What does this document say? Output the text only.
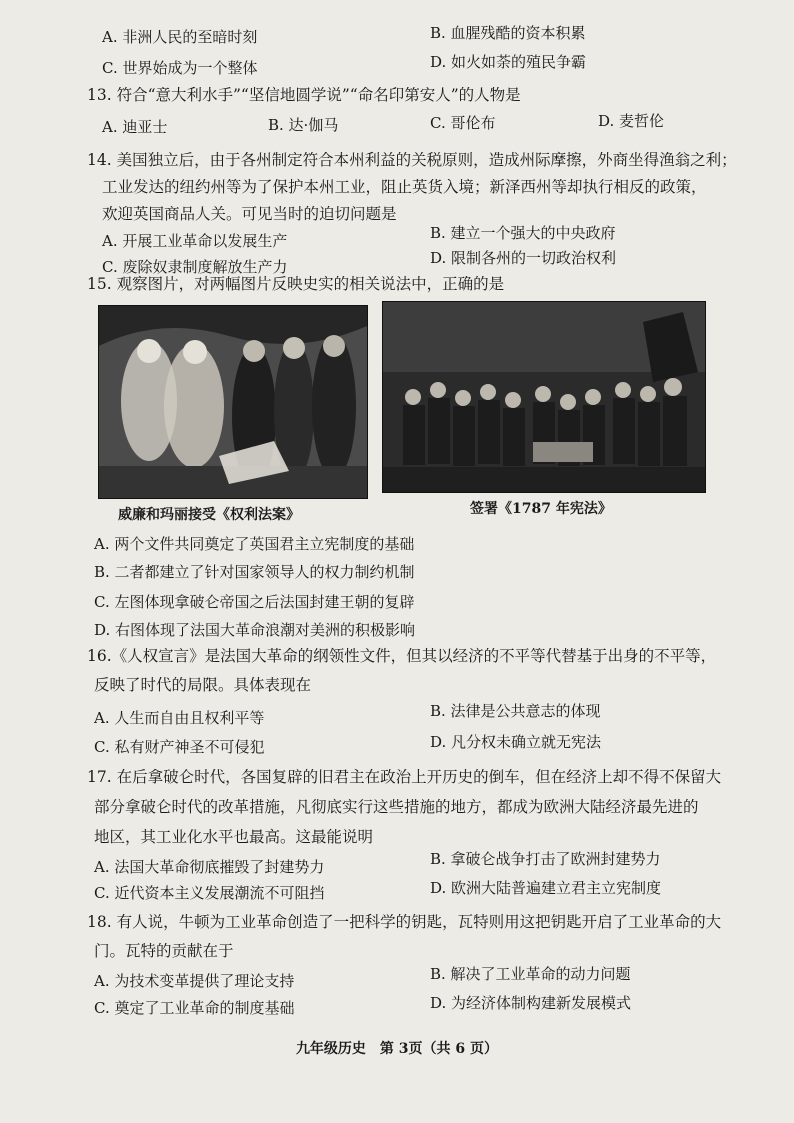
A. 非洲人民的至暗时刻	B. 血腥残酷的资本积累
C. 世界始成为一个整体	D. 如火如荼的殖民争霸
13. 符合“意大利水手”“坚信地圆学说”“命名印第安人”的人物是
A. 迪亚士	B. 达·伽马	C. 哥伦布	D. 麦哲伦
14. 美国独立后，由于各州制定符合本州利益的关税原则，造成州际摩擦，外商坐得渔翁之利；
工业发达的纽约州等为了保护本州工业，阻止英货入境；新泽西州等却执行相反的政策，
欢迎英国商品人关。可见当时的迫切问题是
A. 开展工业革命以发展生产	B. 建立一个强大的中央政府
C. 废除奴隶制度解放生产力	D. 限制各州的一切政治权利
15. 观察图片，对两幅图片反映史实的相关说法中，正确的是
威廉和玛丽接受《权利法案》	签署《1787 年宪法》
A. 两个文件共同奠定了英国君主立宪制度的基础
B. 二者都建立了针对国家领导人的权力制约机制
C. 左图体现拿破仑帝国之后法国封建王朝的复辟
D. 右图体现了法国大革命浪潮对美洲的积极影响
16.《人权宣言》是法国大革命的纲领性文件，但其以经济的不平等代替基于出身的不平等，
反映了时代的局限。具体表现在
A. 人生而自由且权利平等	B. 法律是公共意志的体现
C. 私有财产神圣不可侵犯	D. 凡分权未确立就无宪法
17. 在后拿破仑时代，各国复辟的旧君主在政治上开历史的倒车，但在经济上却不得不保留大
部分拿破仑时代的改革措施，凡彻底实行这些措施的地方，都成为欧洲大陆经济最先进的
地区，其工业化水平也最高。这最能说明
A. 法国大革命彻底摧毁了封建势力	B. 拿破仑战争打击了欧洲封建势力
C. 近代资本主义发展潮流不可阻挡	D. 欧洲大陆普遍建立君主立宪制度
18. 有人说，牛顿为工业革命创造了一把科学的钥匙，瓦特则用这把钥匙开启了工业革命的大
门。瓦特的贡献在于
A. 为技术变革提供了理论支持	B. 解决了工业革命的动力问题
C. 奠定了工业革命的制度基础	D. 为经济体制构建新发展模式
九年级历史　第 3页（共 6 页）
